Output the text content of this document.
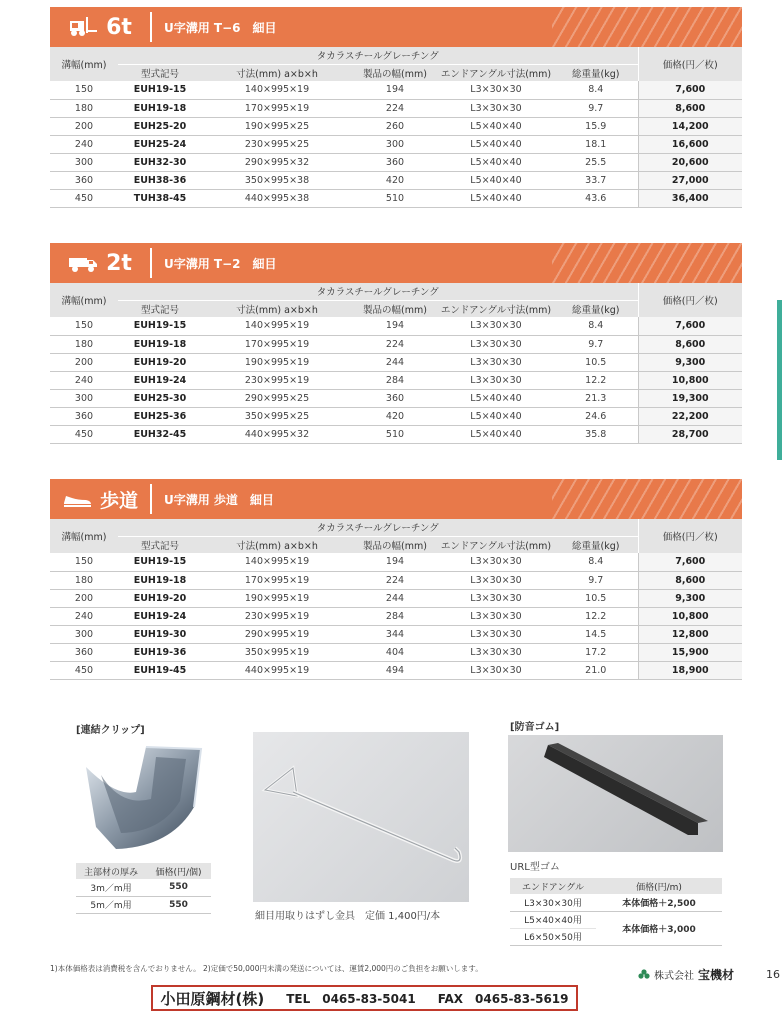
6t	U字溝用 T−6　細目
溝幅(mm)	タカラスチールグレーチング					価格(円／枚)
	型式記号	寸法(mm) a×b×h	製品の幅(mm)	エンドアングル寸法(mm)	総重量(kg)	
150	EUH19-15	140×995×19	194	L3×30×30	8.4	7,600
180	EUH19-18	170×995×19	224	L3×30×30	9.7	8,600
200	EUH25-20	190×995×25	260	L5×40×40	15.9	14,200
240	EUH25-24	230×995×25	300	L5×40×40	18.1	16,600
300	EUH32-30	290×995×32	360	L5×40×40	25.5	20,600
360	EUH38-36	350×995×38	420	L5×40×40	33.7	27,000
450	TUH38-45	440×995×38	510	L5×40×40	43.6	36,400
2t	U字溝用 T−2　細目
溝幅(mm)	タカラスチールグレーチング					価格(円／枚)
	型式記号	寸法(mm) a×b×h	製品の幅(mm)	エンドアングル寸法(mm)	総重量(kg)	
150	EUH19-15	140×995×19	194	L3×30×30	8.4	7,600
180	EUH19-18	170×995×19	224	L3×30×30	9.7	8,600
200	EUH19-20	190×995×19	244	L3×30×30	10.5	9,300
240	EUH19-24	230×995×19	284	L3×30×30	12.2	10,800
300	EUH25-30	290×995×25	360	L5×40×40	21.3	19,300
360	EUH25-36	350×995×25	420	L5×40×40	24.6	22,200
450	EUH32-45	440×995×32	510	L5×40×40	35.8	28,700
歩道 U字溝用 歩道　細目
溝幅(mm)	タカラスチールグレーチング					価格(円／枚)
	型式記号	寸法(mm) a×b×h	製品の幅(mm)	エンドアングル寸法(mm)	総重量(kg)	
150	EUH19-15	140×995×19	194	L3×30×30	8.4	7,600
180	EUH19-18	170×995×19	224	L3×30×30	9.7	8,600
200	EUH19-20	190×995×19	244	L3×30×30	10.5	9,300
240	EUH19-24	230×995×19	284	L3×30×30	12.2	10,800
300	EUH19-30	290×995×19	344	L3×30×30	14.5	12,800
360	EUH19-36	350×995×19	404	L3×30×30	17.2	15,900
450	EUH19-45	440×995×19	494	L3×30×30	21.0	18,900
[連結クリップ]
主部材の厚み	価格(円/個)
3m／m用	550
5m／m用	550
細目用取りはずし金具　定価 1,400円/本
[防音ゴム]
URL型ゴム
エンドアングル	価格(円/m)
L3×30×30用	本体価格＋2,500
L5×40×40用	本体価格＋3,000
L6×50×50用	
1)本体価格表は消費税を含んでおりません。 2)定価で50,000円未満の発送については、運賃2,000円のご負担をお願いします。
株式会社 宝機材	16
小田原鋼材(株) TEL　0465-83-5041 FAX　0465-83-5619
